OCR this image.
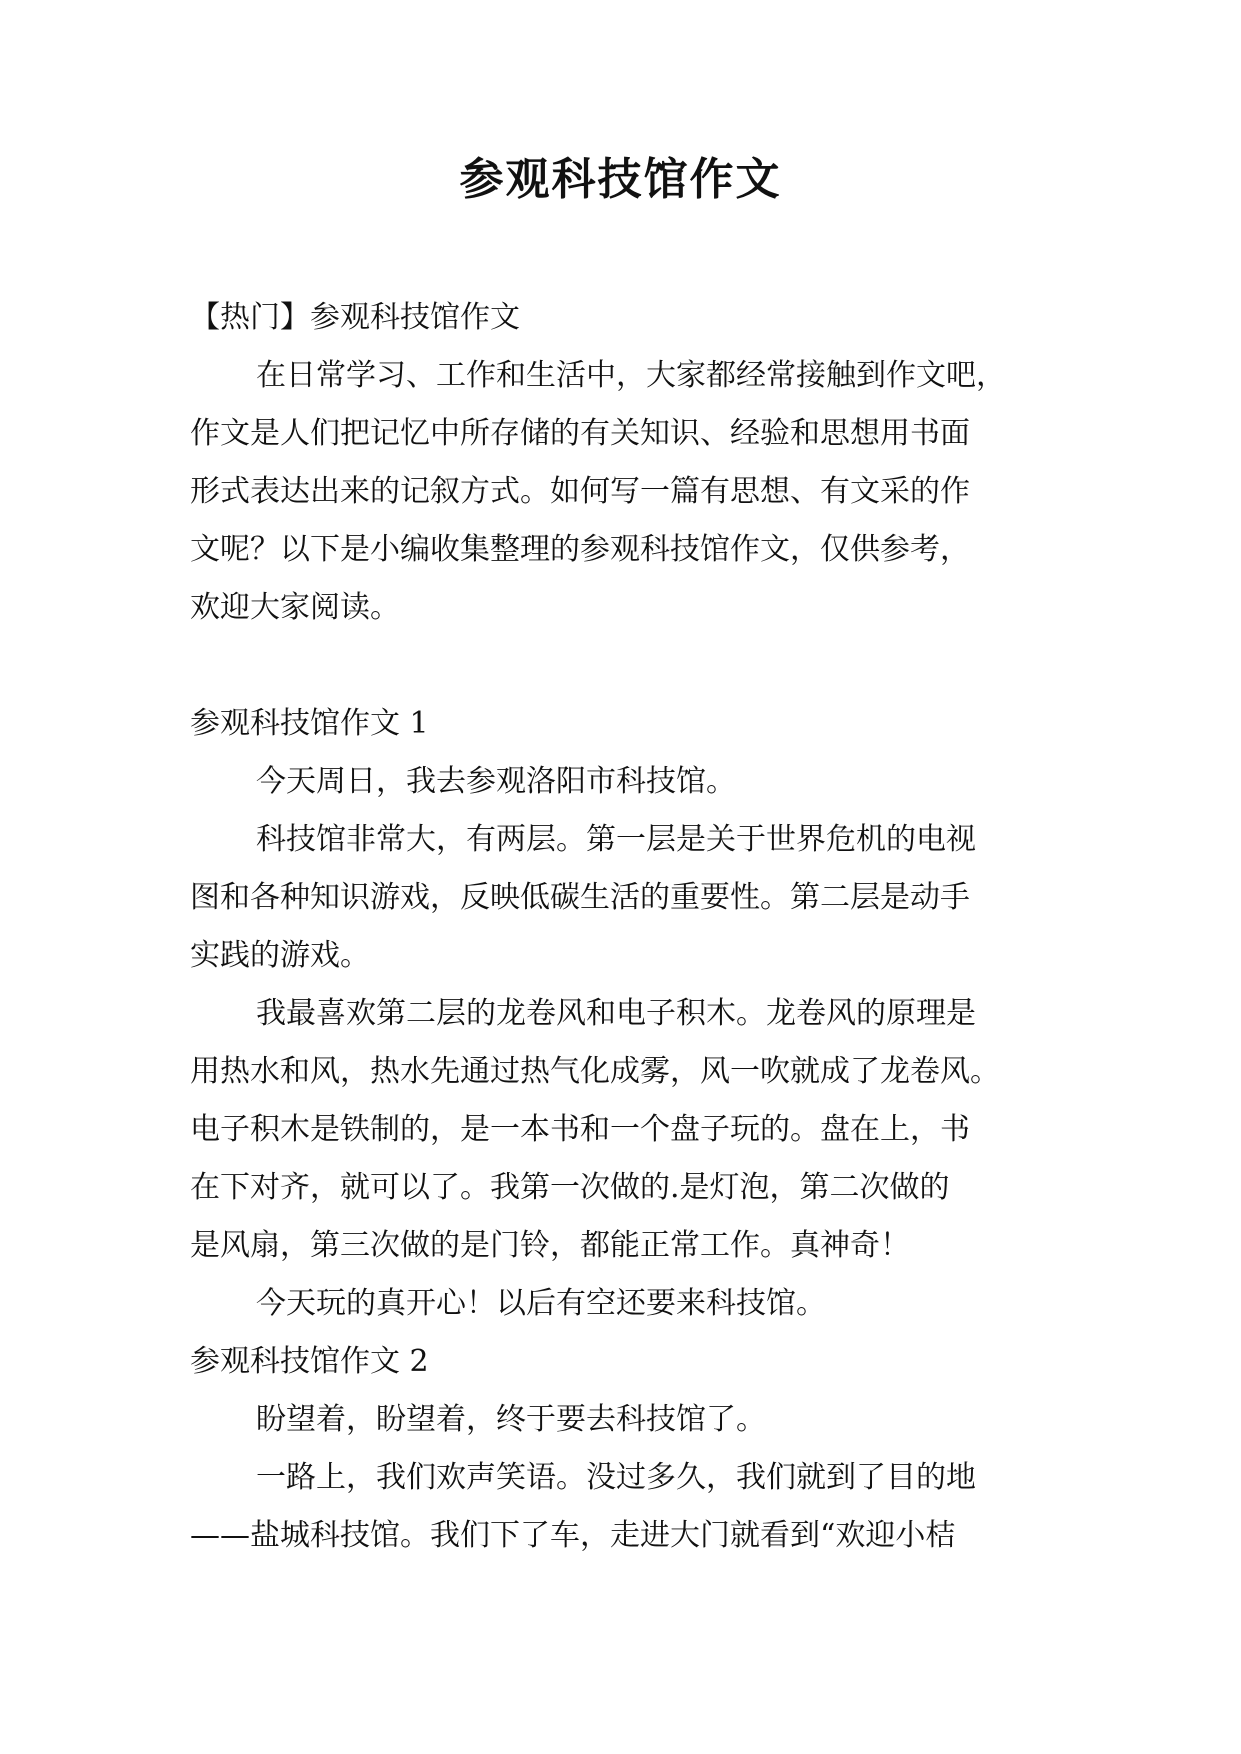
参观科技馆作文

【热门】参观科技馆作文

在日常学习、工作和生活中，大家都经常接触到作文吧，

作文是人们把记忆中所存储的有关知识、经验和思想用书面

形式表达出来的记叙方式。如何写一篇有思想、有文采的作

文呢？以下是小编收集整理的参观科技馆作文，仅供参考，

欢迎大家阅读。

参观科技馆作文 1

今天周日，我去参观洛阳市科技馆。

科技馆非常大，有两层。第一层是关于世界危机的电视

图和各种知识游戏，反映低碳生活的重要性。第二层是动手

实践的游戏。

我最喜欢第二层的龙卷风和电子积木。龙卷风的原理是

用热水和风，热水先通过热气化成雾，风一吹就成了龙卷风。

电子积木是铁制的，是一本书和一个盘子玩的。盘在上，书

在下对齐，就可以了。我第一次做的.是灯泡，第二次做的

是风扇，第三次做的是门铃，都能正常工作。真神奇！

今天玩的真开心！以后有空还要来科技馆。

参观科技馆作文 2

盼望着，盼望着，终于要去科技馆了。

一路上，我们欢声笑语。没过多久，我们就到了目的地

——盐城科技馆。我们下了车，走进大门就看到“欢迎小桔
